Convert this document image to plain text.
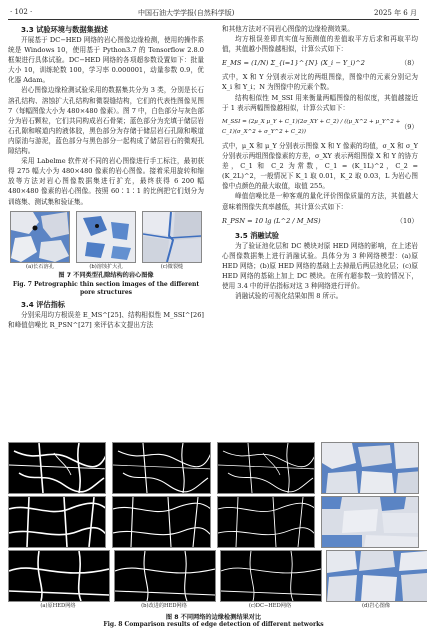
· 102 ·	中国石油大学学报(自然科学版)	2025 年 6 月

3.3 试验环境与数据集描述

开展基于 DC−HED 网络的岩心图像边缘检测，使用的操作系统是 Windows 10，使用基于 Python3.7 的 Tensorflow 2.8.0 框架进行具体试验。DC−HED 网络的各项超参数设置如下：批量大小 10，训练轮数 100，学习率 0.000001，动量参数 0.9，优化器 Adam。

岩心图像边缘检测试验采用的数据集共分为 3 类，分别是长石溶孔结构、溶蚀扩大孔结构和微裂缝结构，它们的代表性图像见图 7（每幅图像大小为 480×480 像素）。图 7 中，白色部分与灰色部分为岩石颗粒，它们共同构成岩石骨架；蓝色部分为充填于储层岩石孔隙和喉道内的液体胶，黑色部分为存储于储层岩石孔隙和喉道内原油与游泥，蓝色部分与黑色部分一起构成了储层岩石的微观孔隙结构。

采用 Labelme 软件对不同的岩心图像进行手工标注，最初获得 275 幅大小为 480×480 像素的岩心图像。接着采用旋转和缩放等方法对岩心图像数据集进行扩充，最终获得 6 200 幅 480×480 像素的岩心图像。按照 60∶1∶1 的比例把它们划分为训练集、测试集和验证集。

(a)长石溶孔	(b)溶蚀扩大孔	(c)微裂缝
图 7 不同类型孔隙结构的岩心图像
Fig. 7 Petrographic thin section images of the different pore structures

3.4 评估指标

分别采用均方根误差 E_MS^[25]、结构相似性 M_SSI^[26] 和峰值信噪比 R_PSN^[27] 来评估本文提出方法

和其他方法对不同岩心图像的边缘检测效果。

均方根误差即真实值与预测值的差值取平方后求和再取平均值，其值越小图像越相似，计算公式如下：

E_MS = (1/N) Σ_{i=1}^{N} (X_i − Y_i)^2	（8）

式中，X 和 Y 分别表示对比的两组图像，图像中的元素分别记为 X_i 和 Y_i；N 为图像中的元素个数。

结构相似性 M_SSI 用来衡量两幅图像的相似度，其值越接近于 1 表示两幅图像越相似，计算公式如下：

M_SSI = (2μ_X μ_Y + C_1)(2σ_XY + C_2) / ((μ_X^2 + μ_Y^2 + C_1)(σ_X^2 + σ_Y^2 + C_2))
（9）

式中，μ_X 和 μ_Y 分别表示图像 X 和 Y 像素的均值，σ_X 和 σ_Y 分别表示两组图像像素的方差，σ_XY 表示两组图像 X 和 Y 的协方差，C_1 和 C_2 为常数，C_1 = (K_1L)^2，C_2 = (K_2L)^2，一般情况下 K_1 取 0.01，K_2 取 0.03，L 为岩心图像中点颜色的最大取值，取值 255。

峰值信噪比是一种客观的量化评价图像质量的方法，其值越大意味着图像失真率越低，其计算公式如下：

R_PSN = 10 lg (L^2 / M_MS)	（10）

3.5 消融试验

为了验证池化层和 DC 模块对原 HED 网络的影响，在上述岩心图像数据集上进行消融试验。具体分为 3 种网络模型：(a)原 HED 网络；(b)原 HED 网络的基础上去掉最后两层池化层；(c)原 HED 网络的基础上加上 DC 模块。在所有超参数一致的情况下，使用 3.4 中的评估指标对这 3 种网络进行评价。

消融试验的可视化结果如图 8 所示。

(a)原HED网络	(b)改进的HED网络	(c)DC−HED网络	(d)岩心图像
图 8 不同网络的边缘检测结果对比
Fig. 8 Comparison results of edge detection of different networks
